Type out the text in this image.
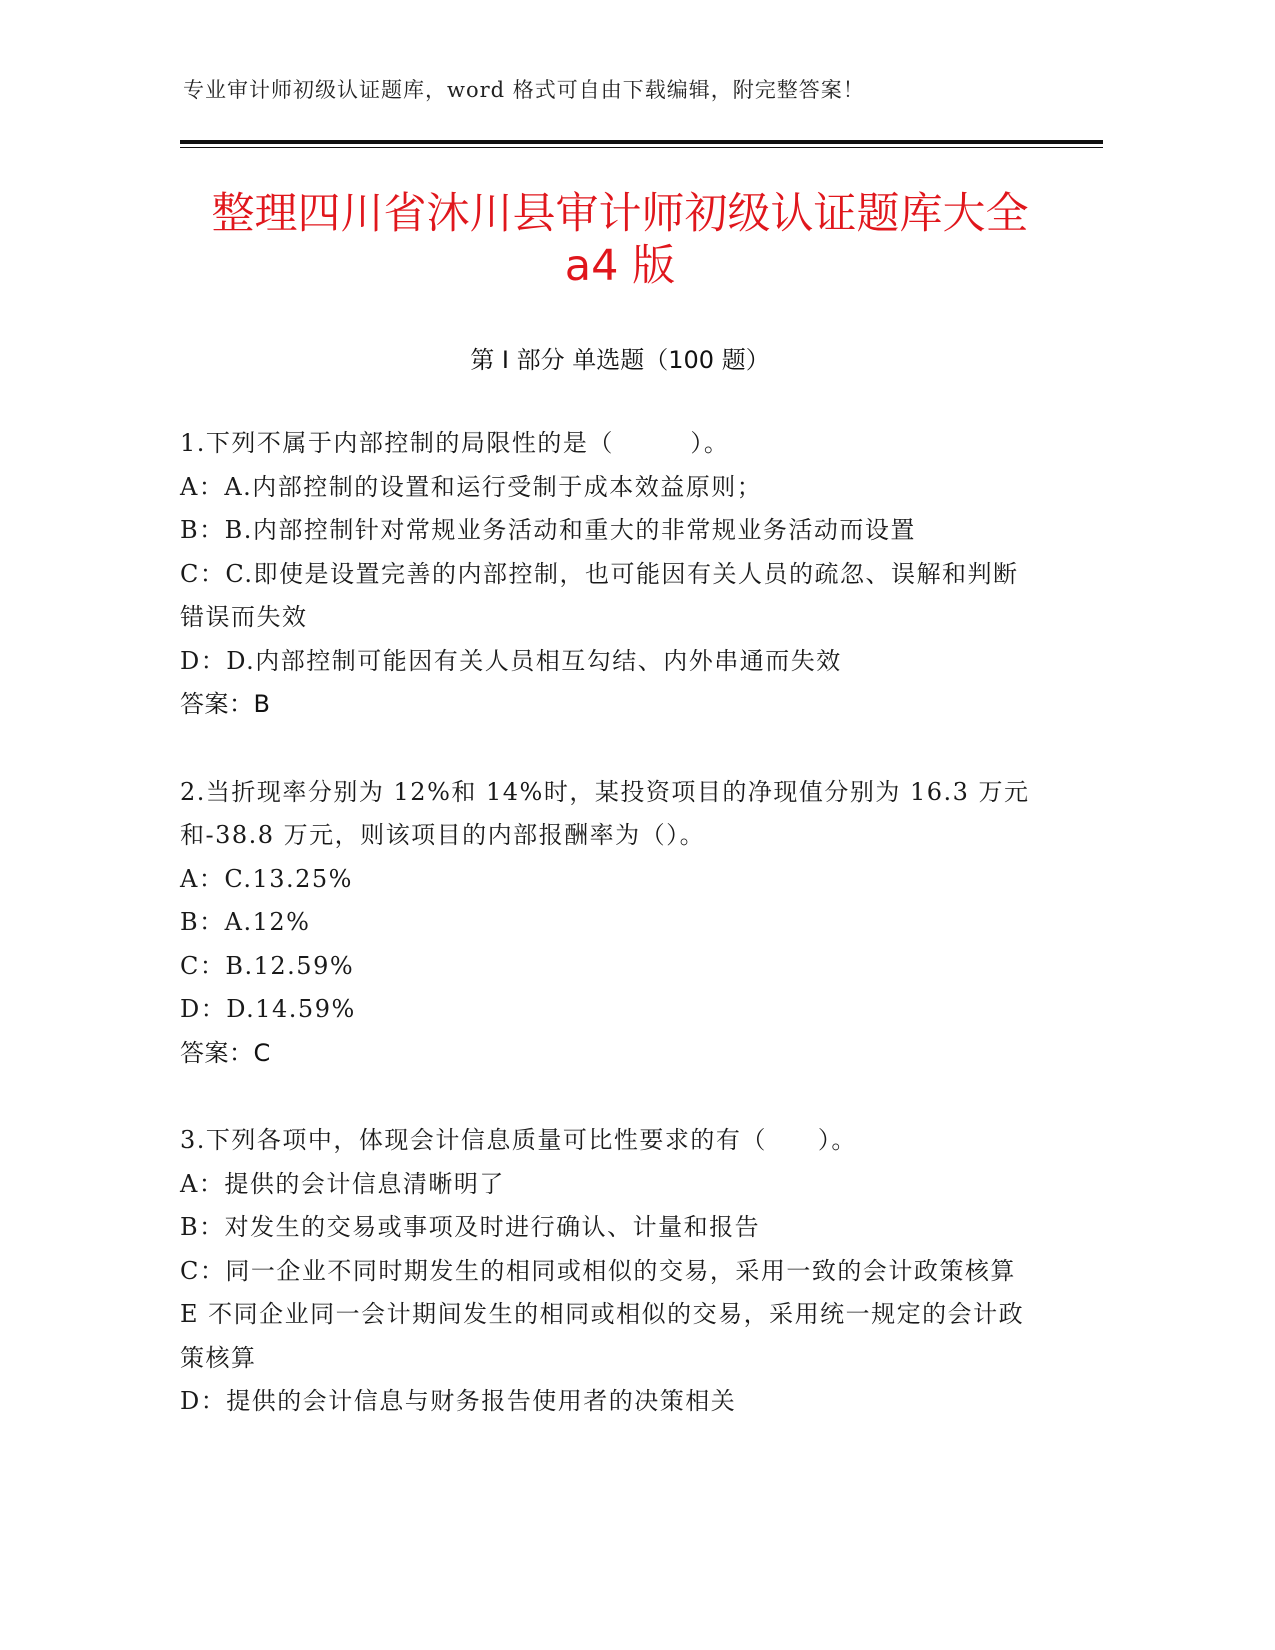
专业审计师初级认证题库，word 格式可自由下载编辑，附完整答案！
整理四川省沐川县审计师初级认证题库大全
a4 版
第 I 部分 单选题（100 题）
1.下列不属于内部控制的局限性的是（　　　）。
A：A.内部控制的设置和运行受制于成本效益原则；
B：B.内部控制针对常规业务活动和重大的非常规业务活动而设置
C：C.即使是设置完善的内部控制，也可能因有关人员的疏忽、误解和判断错误而失效
D：D.内部控制可能因有关人员相互勾结、内外串通而失效
答案：B
2.当折现率分别为 12%和 14%时，某投资项目的净现值分别为 16.3 万元和-38.8 万元，则该项目的内部报酬率为（）。
A：C.13.25%
B：A.12%
C：B.12.59%
D：D.14.59%
答案：C
3.下列各项中，体现会计信息质量可比性要求的有（　　）。
A：提供的会计信息清晰明了
B：对发生的交易或事项及时进行确认、计量和报告
C：同一企业不同时期发生的相同或相似的交易，采用一致的会计政策核算 E 不同企业同一会计期间发生的相同或相似的交易，采用统一规定的会计政策核算
D：提供的会计信息与财务报告使用者的决策相关
